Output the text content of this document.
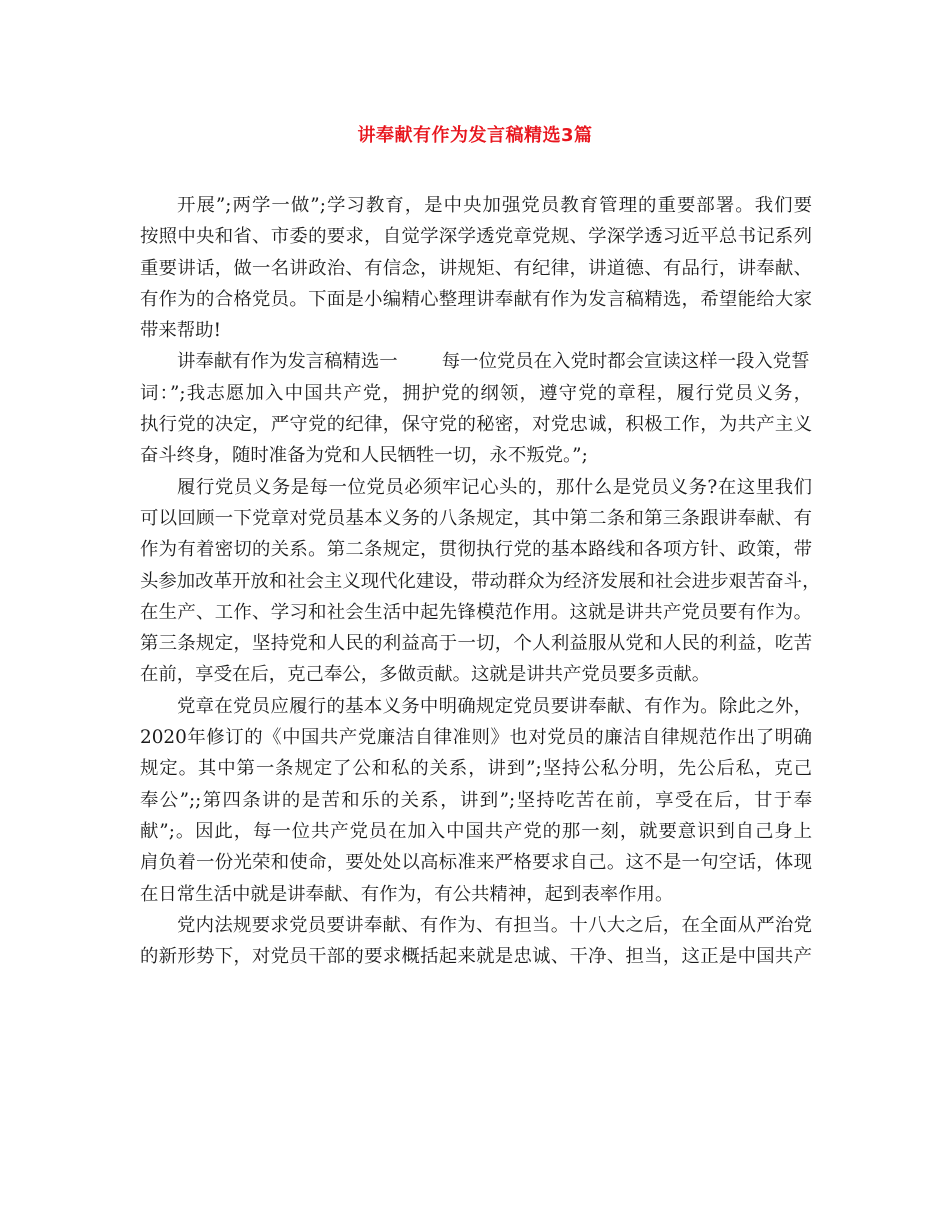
讲奉献有作为发言稿精选3篇
开展”;两学一做”;学习教育，是中央加强党员教育管理的重要部署。我们要
按照中央和省、市委的要求，自觉学深学透党章党规、学深学透习近平总书记系列
重要讲话，做一名讲政治、有信念，讲规矩、有纪律，讲道德、有品行，讲奉献、
有作为的合格党员。下面是小编精心整理讲奉献有作为发言稿精选，希望能给大家
带来帮助!
讲奉献有作为发言稿精选一 每一位党员在入党时都会宣读这样一段入党誓
词：”;我志愿加入中国共产党，拥护党的纲领，遵守党的章程，履行党员义务，
执行党的决定，严守党的纪律，保守党的秘密，对党忠诚，积极工作，为共产主义
奋斗终身，随时准备为党和人民牺牲一切，永不叛党。”;
履行党员义务是每一位党员必须牢记心头的，那什么是党员义务?在这里我们
可以回顾一下党章对党员基本义务的八条规定，其中第二条和第三条跟讲奉献、有
作为有着密切的关系。第二条规定，贯彻执行党的基本路线和各项方针、政策，带
头参加改革开放和社会主义现代化建设，带动群众为经济发展和社会进步艰苦奋斗，
在生产、工作、学习和社会生活中起先锋模范作用。这就是讲共产党员要有作为。
第三条规定，坚持党和人民的利益高于一切，个人利益服从党和人民的利益，吃苦
在前，享受在后，克己奉公，多做贡献。这就是讲共产党员要多贡献。
党章在党员应履行的基本义务中明确规定党员要讲奉献、有作为。除此之外，
2020年修订的《中国共产党廉洁自律准则》也对党员的廉洁自律规范作出了明确
规定。其中第一条规定了公和私的关系，讲到”;坚持公私分明，先公后私，克己
奉公”;;第四条讲的是苦和乐的关系，讲到”;坚持吃苦在前，享受在后，甘于奉
献”;。因此，每一位共产党员在加入中国共产党的那一刻，就要意识到自己身上
肩负着一份光荣和使命，要处处以高标准来严格要求自己。这不是一句空话，体现
在日常生活中就是讲奉献、有作为，有公共精神，起到表率作用。
党内法规要求党员要讲奉献、有作为、有担当。十八大之后，在全面从严治党
的新形势下，对党员干部的要求概括起来就是忠诚、干净、担当，这正是中国共产
